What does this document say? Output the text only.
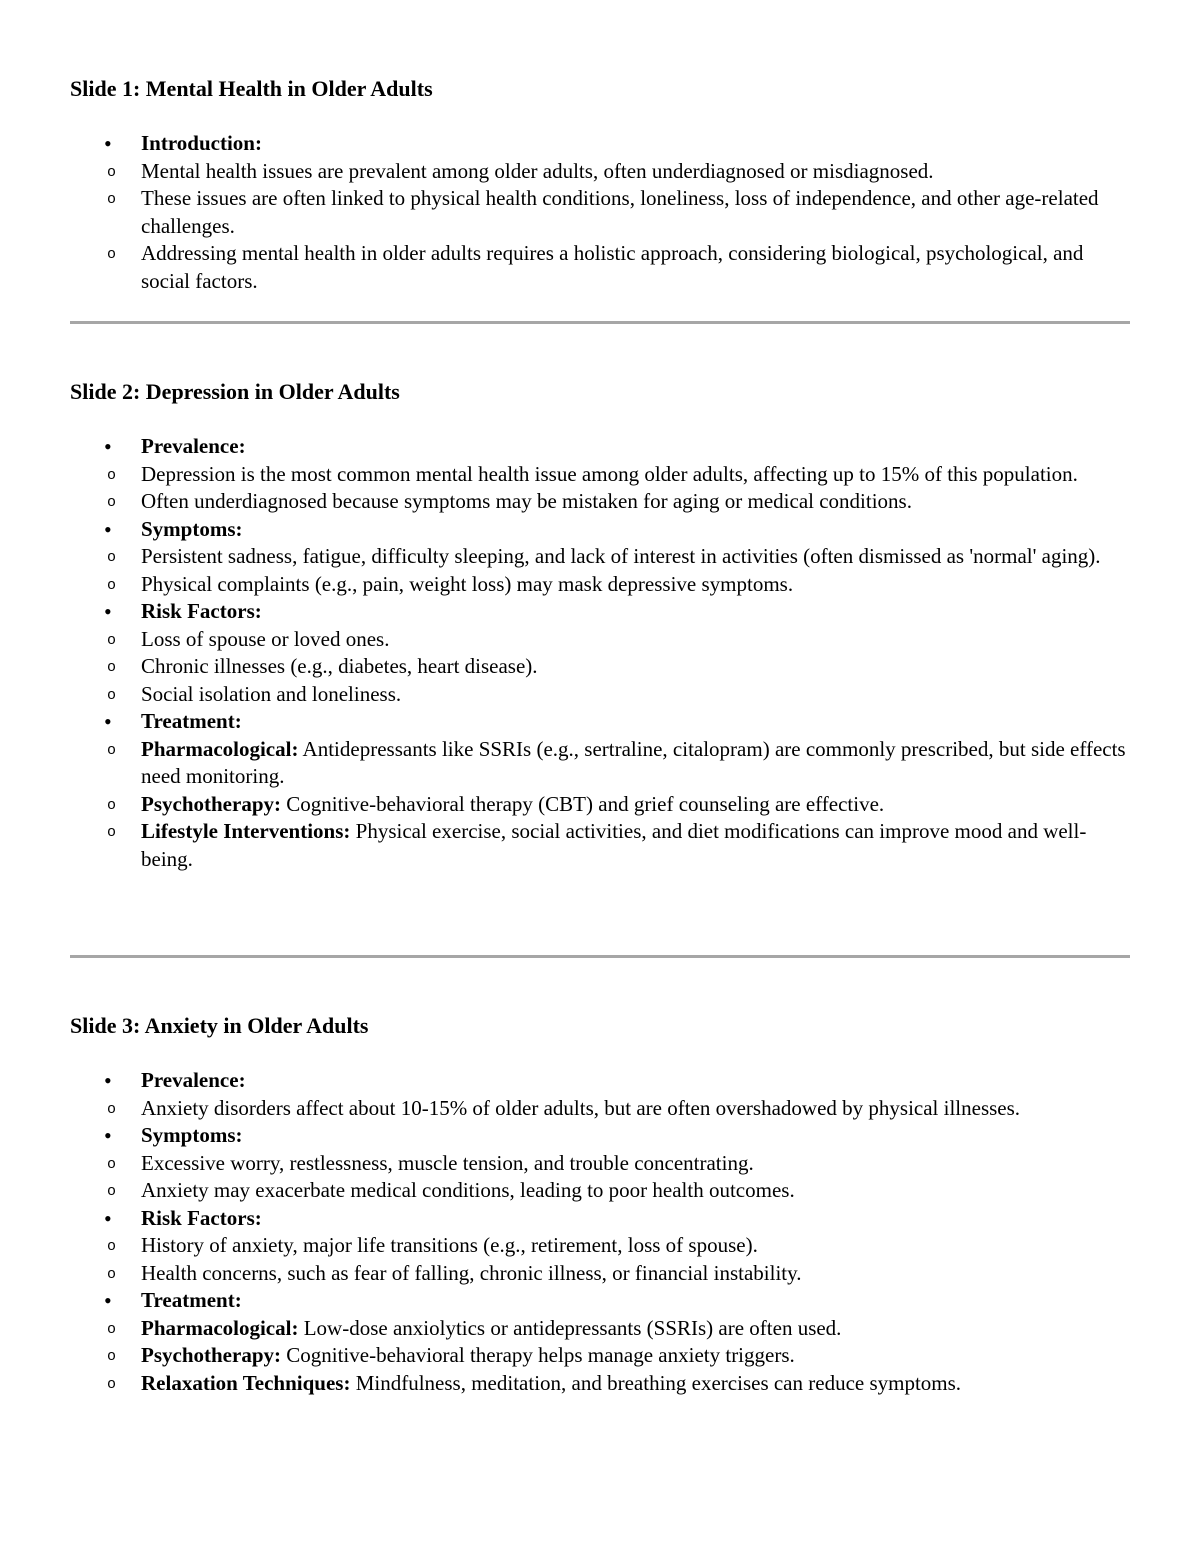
Slide 1: Mental Health in Older Adults
• Introduction:
o Mental health issues are prevalent among older adults, often underdiagnosed or misdiagnosed.
o These issues are often linked to physical health conditions, loneliness, loss of independence, and other age-related challenges.
o Addressing mental health in older adults requires a holistic approach, considering biological, psychological, and social factors.
Slide 2: Depression in Older Adults
• Prevalence:
o Depression is the most common mental health issue among older adults, affecting up to 15% of this population.
o Often underdiagnosed because symptoms may be mistaken for aging or medical conditions.
• Symptoms:
o Persistent sadness, fatigue, difficulty sleeping, and lack of interest in activities (often dismissed as 'normal' aging).
o Physical complaints (e.g., pain, weight loss) may mask depressive symptoms.
• Risk Factors:
o Loss of spouse or loved ones.
o Chronic illnesses (e.g., diabetes, heart disease).
o Social isolation and loneliness.
• Treatment:
o Pharmacological: Antidepressants like SSRIs (e.g., sertraline, citalopram) are commonly prescribed, but side effects need monitoring.
o Psychotherapy: Cognitive-behavioral therapy (CBT) and grief counseling are effective.
o Lifestyle Interventions: Physical exercise, social activities, and diet modifications can improve mood and well-being.
Slide 3: Anxiety in Older Adults
• Prevalence:
o Anxiety disorders affect about 10-15% of older adults, but are often overshadowed by physical illnesses.
• Symptoms:
o Excessive worry, restlessness, muscle tension, and trouble concentrating.
o Anxiety may exacerbate medical conditions, leading to poor health outcomes.
• Risk Factors:
o History of anxiety, major life transitions (e.g., retirement, loss of spouse).
o Health concerns, such as fear of falling, chronic illness, or financial instability.
• Treatment:
o Pharmacological: Low-dose anxiolytics or antidepressants (SSRIs) are often used.
o Psychotherapy: Cognitive-behavioral therapy helps manage anxiety triggers.
o Relaxation Techniques: Mindfulness, meditation, and breathing exercises can reduce symptoms.
